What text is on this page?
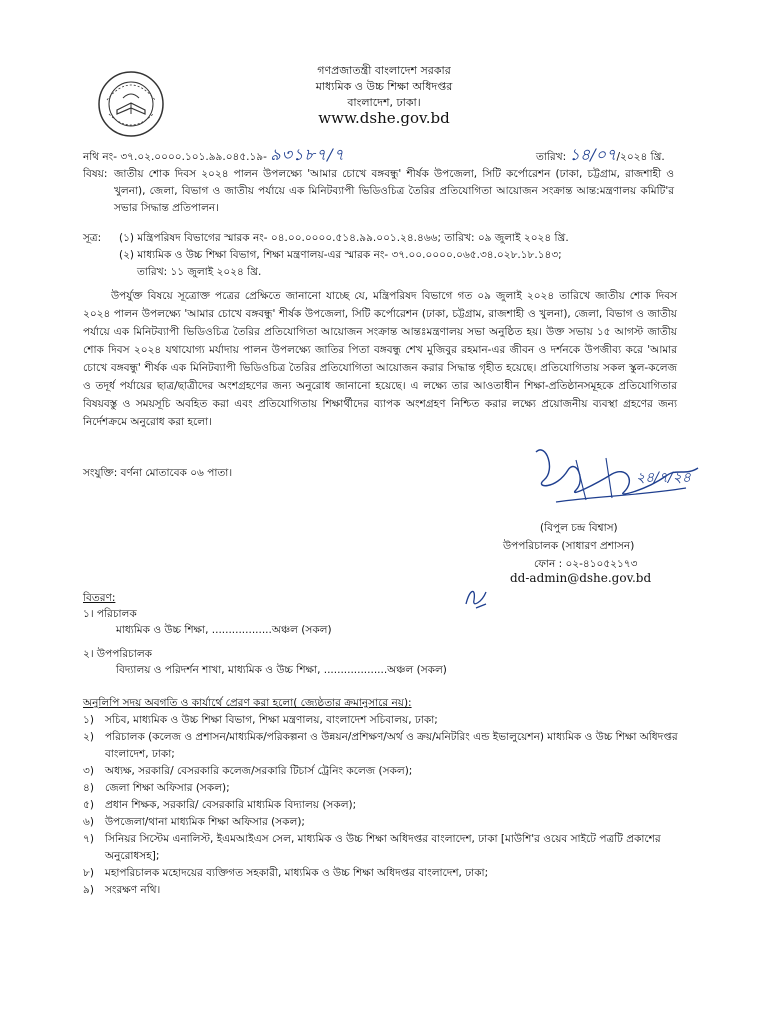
গণপ্রজাতন্ত্রী বাংলাদেশ সরকার
মাধ্যমিক ও উচ্চ শিক্ষা অধিদপ্তর
বাংলাদেশ, ঢাকা।
www.dshe.gov.bd
নথি নং- ৩৭.০২.০০০০.১০১.৯৯.০৪৫.১৯- ৯৩১৮৭/৭	তারিখ: ১৪/০৭/২০২৪ খ্রি.
বিষয়: জাতীয় শোক দিবস ২০২৪ পালন উপলক্ষ্যে 'আমার চোখে বঙ্গবন্ধু' শীর্ষক উপজেলা, সিটি কর্পোরেশন (ঢাকা, চট্টগ্রাম, রাজশাহী ও খুলনা), জেলা, বিভাগ ও জাতীয় পর্যায়ে এক মিনিটব্যাপী ভিডিওচিত্র তৈরির প্রতিযোগিতা আয়োজন সংক্রান্ত আন্ত:মন্ত্রণালয় কমিটি'র সভার সিদ্ধান্ত প্রতিপালন।
সূত্র: (১) মন্ত্রিপরিষদ বিভাগের স্মারক নং- ০৪.০০.০০০০.৫১৪.৯৯.০০১.২৪.৪৬৬; তারিখ: ০৯ জুলাই ২০২৪ খ্রি.
(২) মাধ্যমিক ও উচ্চ শিক্ষা বিভাগ, শিক্ষা মন্ত্রণালয়-এর স্মারক নং- ৩৭.০০.০০০০.০৬৫.৩৪.০২৮.১৮.১৪৩;
তারিখ: ১১ জুলাই ২০২৪ খ্রি.
উপর্যুক্ত বিষয়ে সূত্রোক্ত পত্রের প্রেক্ষিতে জানানো যাচ্ছে যে, মন্ত্রিপরিষদ বিভাগে গত ০৯ জুলাই ২০২৪ তারিখে জাতীয় শোক দিবস ২০২৪ পালন উপলক্ষ্যে 'আমার চোখে বঙ্গবন্ধু' শীর্ষক উপজেলা, সিটি কর্পোরেশন (ঢাকা, চট্টগ্রাম, রাজশাহী ও খুলনা), জেলা, বিভাগ ও জাতীয় পর্যায়ে এক মিনিটব্যাপী ভিডিওচিত্র তৈরির প্রতিযোগিতা আয়োজন সংক্রান্ত আন্তঃমন্ত্রণালয় সভা অনুষ্ঠিত হয়। উক্ত সভায় ১৫ আগস্ট জাতীয় শোক দিবস ২০২৪ যথাযোগ্য মর্যাদায় পালন উপলক্ষ্যে জাতির পিতা বঙ্গবন্ধু শেখ মুজিবুর রহমান-এর জীবন ও দর্শনকে উপজীব্য করে 'আমার চোখে বঙ্গবন্ধু' শীর্ষক এক মিনিটব্যাপী ভিডিওচিত্র তৈরির প্রতিযোগিতা আয়োজন করার সিদ্ধান্ত গৃহীত হয়েছে। প্রতিযোগিতায় সকল স্কুল-কলেজ ও তদূর্ধ পর্যায়ের ছাত্র/ছাত্রীদের অংশগ্রহণের জন্য অনুরোধ জানানো হয়েছে। এ লক্ষ্যে তার আওতাধীন শিক্ষা-প্রতিষ্ঠানসমূহকে প্রতিযোগিতার বিষয়বস্তু ও সময়সূচি অবহিত করা এবং প্রতিযোগিতায় শিক্ষার্থীদের ব্যাপক অংশগ্রহণ নিশ্চিত করার লক্ষ্যে প্রয়োজনীয় ব্যবস্থা গ্রহণের জন্য নির্দেশক্রমে অনুরোধ করা হলো।
সংযুক্তি: বর্ণনা মোতাবেক ০৬ পাতা।	২৪/৭/২৪
(বিপুল চন্দ্র বিশ্বাস)
উপপরিচালক (সাধারণ প্রশাসন)
ফোন : ০২-৪১০৫২১৭৩
dd-admin@dshe.gov.bd
বিতরণ:
১। পরিচালক
মাধ্যমিক ও উচ্চ শিক্ষা, ..................অঞ্চল (সকল)
২। উপপরিচালক
বিদ্যালয় ও পরিদর্শন শাখা, মাধ্যমিক ও উচ্চ শিক্ষা, ...................অঞ্চল (সকল)
অনুলিপি সদয় অবগতি ও কার্যার্থে প্রেরণ করা হলো( জ্যেষ্ঠতার ক্রমানুসারে নয়):
১)	সচিব, মাধ্যমিক ও উচ্চ শিক্ষা বিভাগ, শিক্ষা মন্ত্রণালয়, বাংলাদেশ সচিবালয়, ঢাকা;
২)	পরিচালক (কলেজ ও প্রশাসন/মাধ্যমিক/পরিকল্পনা ও উন্নয়ন/প্রশিক্ষণ/অর্থ ও ক্রয়/মনিটরিং এন্ড ইভালুয়েশন) মাধ্যমিক ও উচ্চ শিক্ষা অধিদপ্তর বাংলাদেশ, ঢাকা;
৩)	অধ্যক্ষ, সরকারি/ বেসরকারি কলেজ/সরকারি টিচার্স ট্রেনিং কলেজ (সকল);
৪)	জেলা শিক্ষা অফিসার (সকল);
৫)	প্রধান শিক্ষক, সরকারি/ বেসরকারি মাধ্যমিক বিদ্যালয় (সকল);
৬)	উপজেলা/থানা মাধ্যমিক শিক্ষা অফিসার (সকল);
৭)	সিনিয়র সিস্টেম এনালিস্ট, ইএমআইএস সেল, মাধ্যমিক ও উচ্চ শিক্ষা অধিদপ্তর বাংলাদেশ, ঢাকা [মাউশি'র ওয়েব সাইটে পত্রটি প্রকাশের অনুরোধসহ];
৮)	মহাপরিচালক মহোদয়ের ব্যক্তিগত সহকারী, মাধ্যমিক ও উচ্চ শিক্ষা অধিদপ্তর বাংলাদেশ, ঢাকা;
৯)	সংরক্ষণ নথি।
